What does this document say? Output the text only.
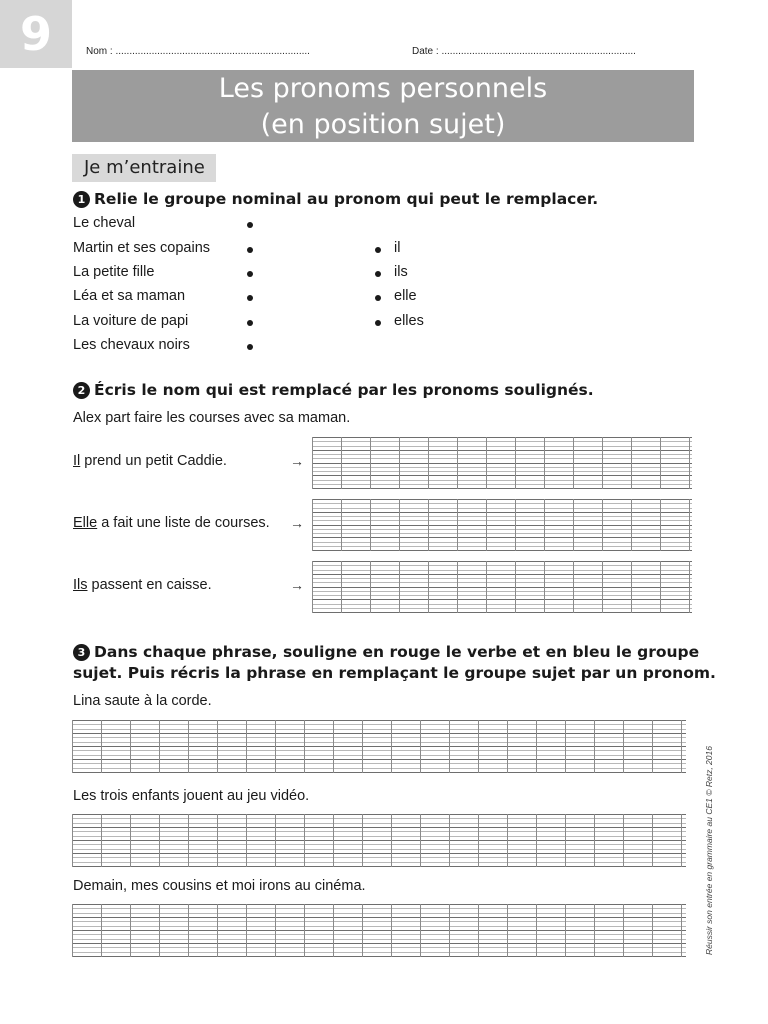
9	Nom : ......................................................................	Date : ......................................................................
Les pronoms personnels
(en position sujet)
Je m’entraine
1 Relie le groupe nominal au pronom qui peut le remplacer.
Le cheval
Martin et ses copains
La petite fille
Léa et sa maman
La voiture de papi
Les chevaux noirs
il
ils
elle
elles
2 Écris le nom qui est remplacé par les pronoms soulignés.
Alex part faire les courses avec sa maman.
Il prend un petit Caddie.	→
Elle a fait une liste de courses. →
Ils passent en caisse.	→
3 Dans chaque phrase, souligne en rouge le verbe et en bleu le groupe
sujet. Puis récris la phrase en remplaçant le groupe sujet par un pronom.
Lina saute à la corde.
Les trois enfants jouent au jeu vidéo.
Demain, mes cousins et moi irons au cinéma.	Réussir son entrée en grammaire au CE1 © Retz, 2016
